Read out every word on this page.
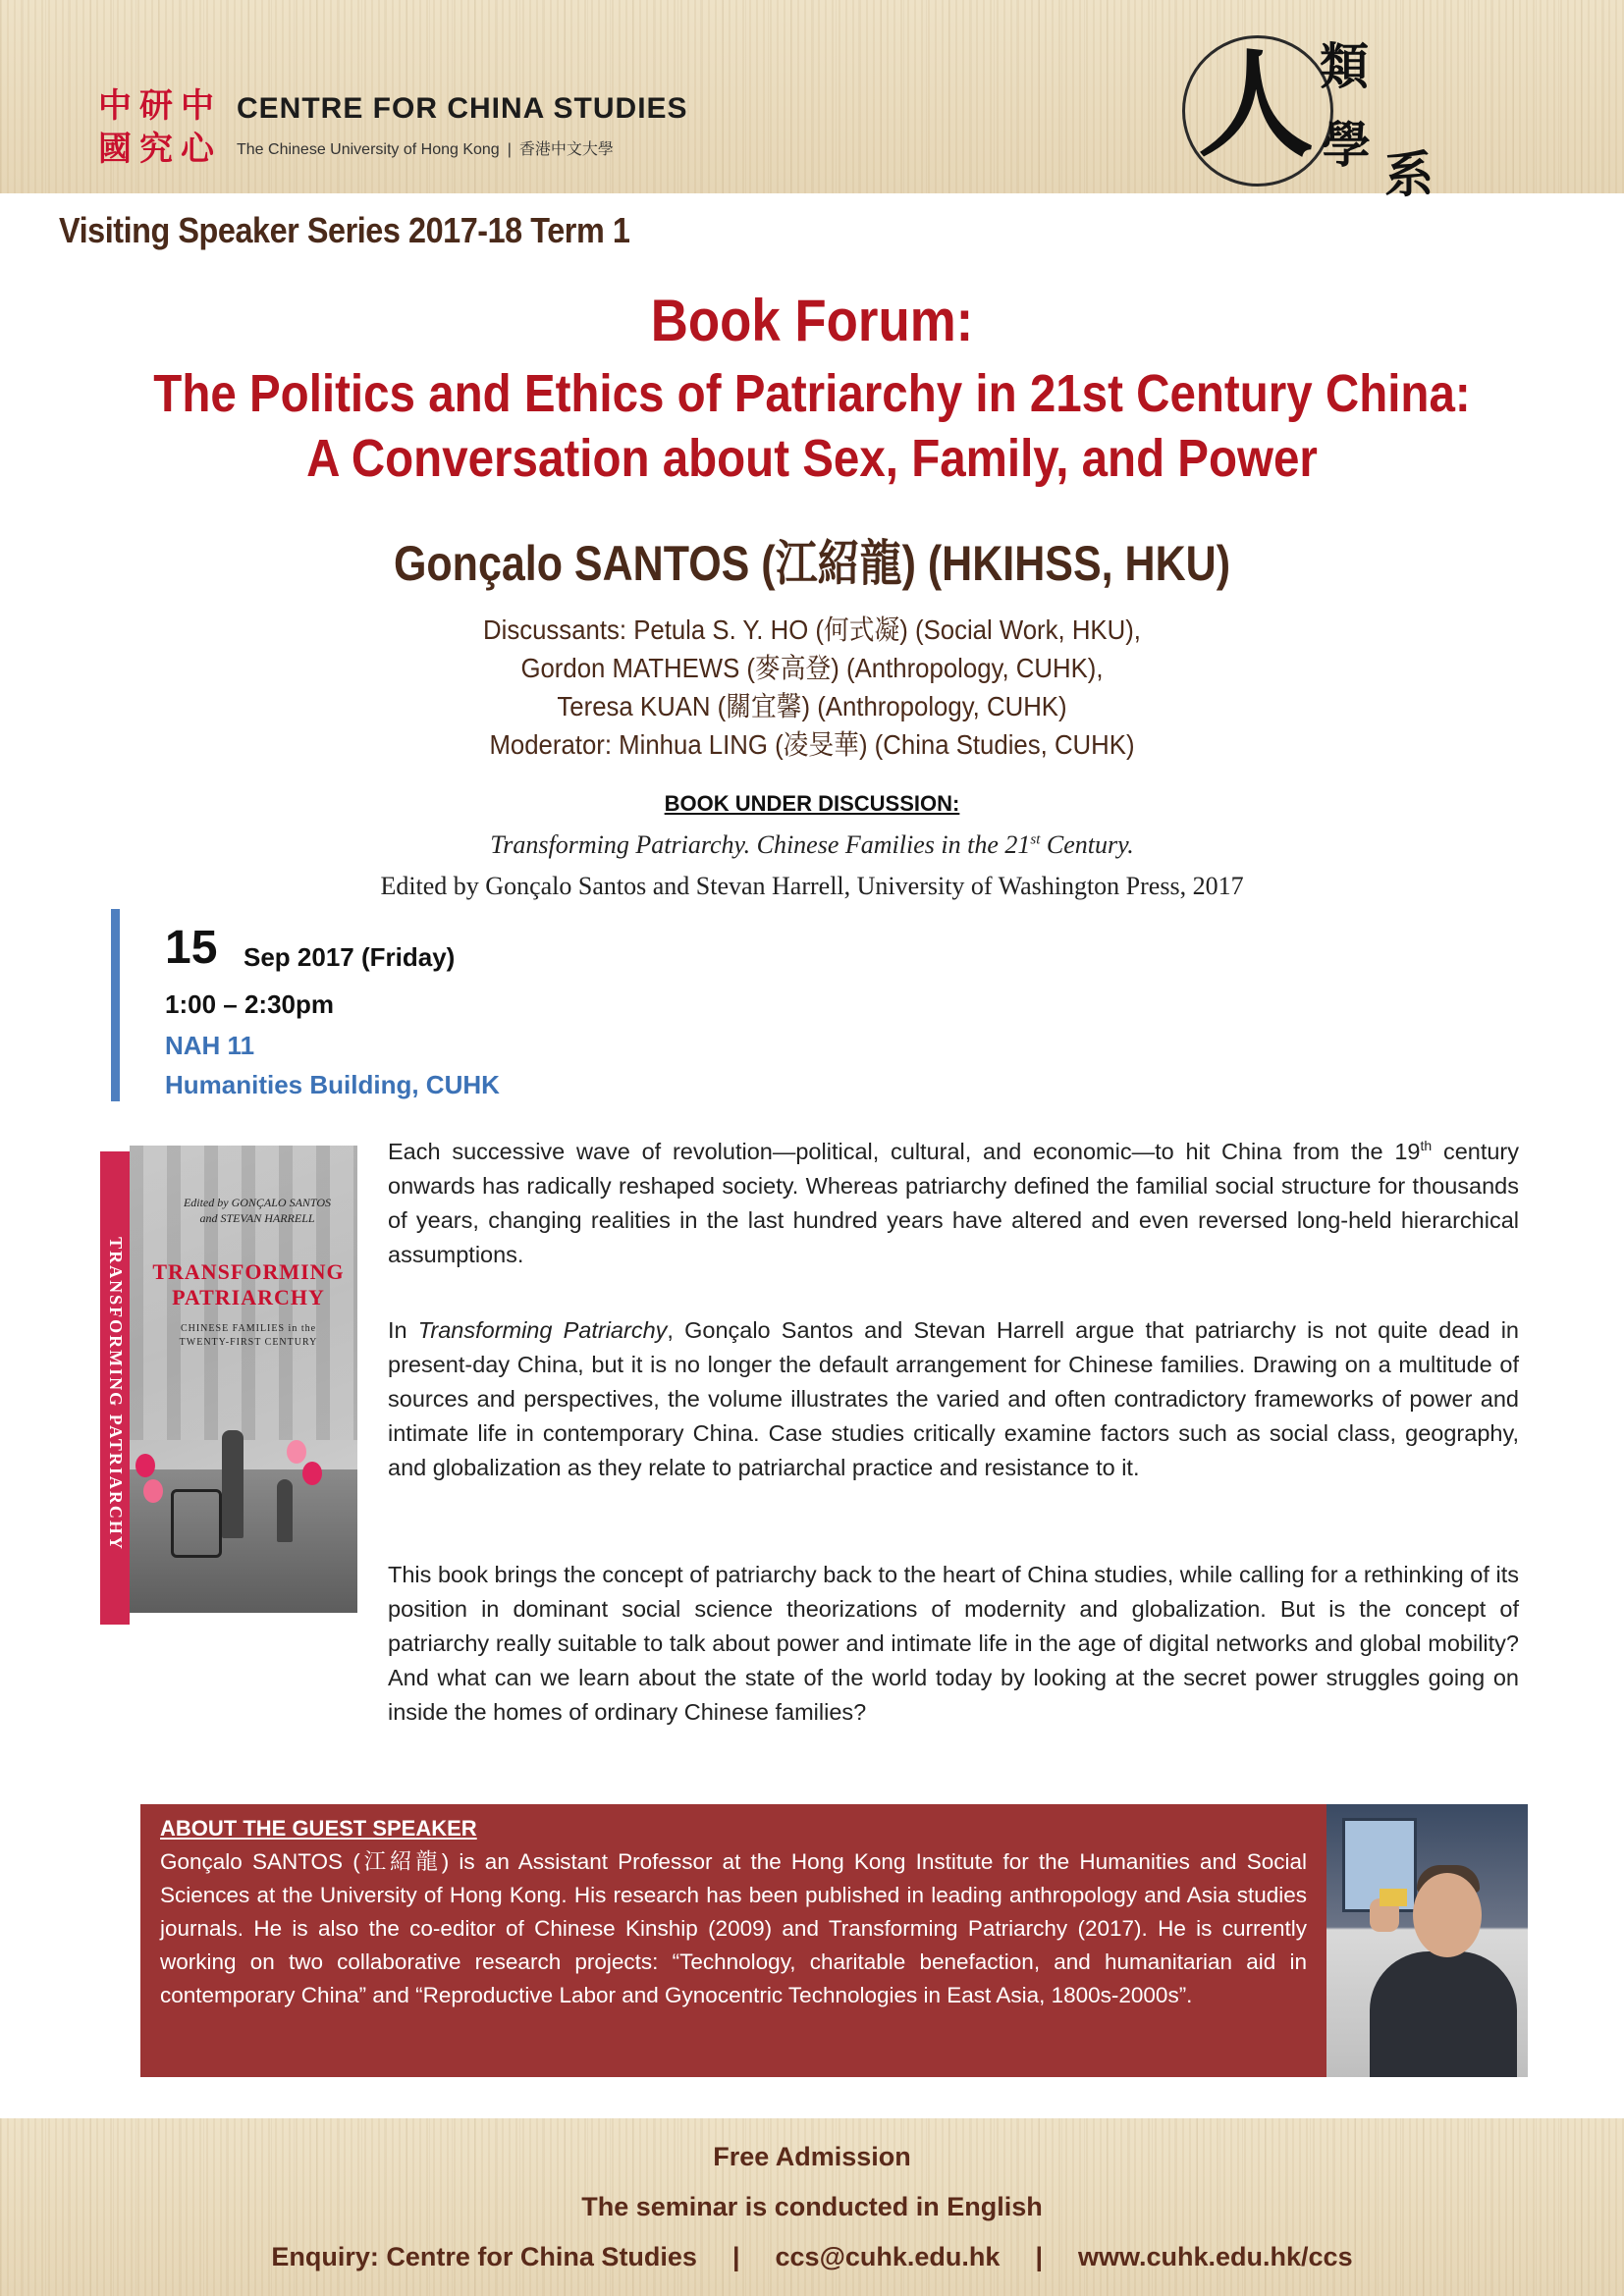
中 研 中
國 究 心
CENTRE FOR CHINA STUDIES
The Chinese University of Hong Kong | 香港中文大學	人 類
學
系
Visiting Speaker Series 2017-18 Term 1
Book Forum:
The Politics and Ethics of Patriarchy in 21st Century China:
A Conversation about Sex, Family, and Power
Gonçalo SANTOS (江紹龍) (HKIHSS, HKU)
Discussants: Petula S. Y. HO (何式凝) (Social Work, HKU),
Gordon MATHEWS (麥高登) (Anthropology, CUHK),
Teresa KUAN (關宜馨) (Anthropology, CUHK)
Moderator: Minhua LING (凌旻華) (China Studies, CUHK)
BOOK UNDER DISCUSSION:
Transforming Patriarchy. Chinese Families in the 21st Century.
Edited by Gonçalo Santos and Stevan Harrell, University of Washington Press, 2017
15 Sep 2017 (Friday)
1:00 – 2:30pm
NAH 11
Humanities Building, CUHK
Edited by GONÇALO SANTOS
and STEVAN HARRELL
TRANSFORMING
PATRIARCHY
CHINESE FAMILIES in the
TWENTY-FIRST CENTURY
TRANSFORMING PATRIARCHY
Each successive wave of revolution—political, cultural, and economic—to hit China from the 19th century onwards has radically reshaped society. Whereas patriarchy defined the familial social structure for thousands of years, changing realities in the last hundred years have altered and even reversed long-held hierarchical assumptions.
In Transforming Patriarchy, Gonçalo Santos and Stevan Harrell argue that patriarchy is not quite dead in present-day China, but it is no longer the default arrangement for Chinese families. Drawing on a multitude of sources and perspectives, the volume illustrates the varied and often contradictory frameworks of power and intimate life in contemporary China. Case studies critically examine factors such as social class, geography, and globalization as they relate to patriarchal practice and resistance to it.
This book brings the concept of patriarchy back to the heart of China studies, while calling for a rethinking of its position in dominant social science theorizations of modernity and globalization. But is the concept of patriarchy really suitable to talk about power and intimate life in the age of digital networks and global mobility? And what can we learn about the state of the world today by looking at the secret power struggles going on inside the homes of ordinary Chinese families?
ABOUT THE GUEST SPEAKER
Gonçalo SANTOS (江紹龍) is an Assistant Professor at the Hong Kong Institute for the Humanities and Social Sciences at the University of Hong Kong. His research has been published in leading anthropology and Asia studies journals. He is also the co-editor of Chinese Kinship (2009) and Transforming Patriarchy (2017). He is currently working on two collaborative research projects: “Technology, charitable benefaction, and humanitarian aid in contemporary China” and “Reproductive Labor and Gynocentric Technologies in East Asia, 1800s-2000s”.
Free Admission
The seminar is conducted in English
Enquiry: Centre for China Studies | ccs@cuhk.edu.hk | www.cuhk.edu.hk/ccs
